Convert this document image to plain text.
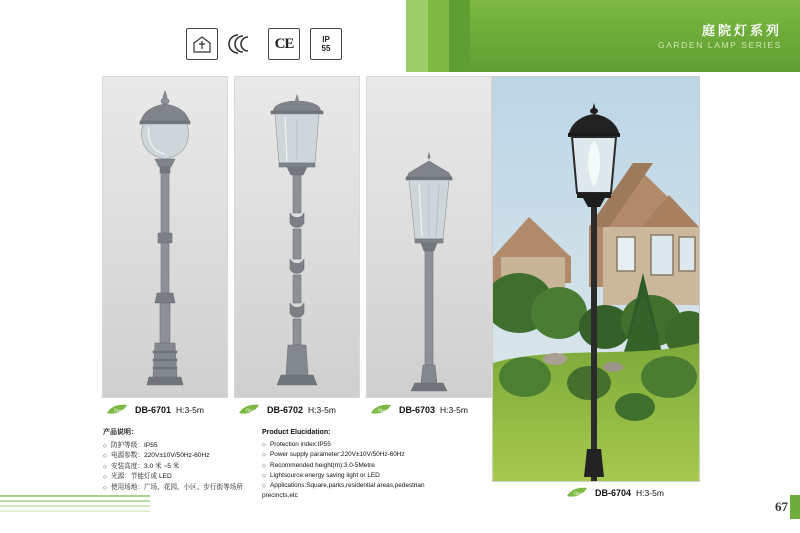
庭院灯系列
GARDEN LAMP SERIES
CE	IP
55
fine DB-6701 H:3-5m	fine DB-6702 H:3-5m	fine DB-6703 H:3-5m
fine DB-6704 H:3-5m
产品说明：
◇ 防护等级：IP55
◇ 电源参数：220V±10V/50Hz-60Hz
◇ 安装高度：3.0 米 ~5 米
◇ 光源：节能灯或 LED
◇ 使用场地：广场、花园、小区、步行街等场所
Product Elucidation:
◇ Protection index:IP55
◇ Power supply parameter:220V±10V/50Hz-60Hz
◇ Recommended height(m):3.0-5Metre
◇ Lightsource:energy saving light or LED
◇ Applications:Square,parks,residential areas,pedestrian
precincts,etc
67
